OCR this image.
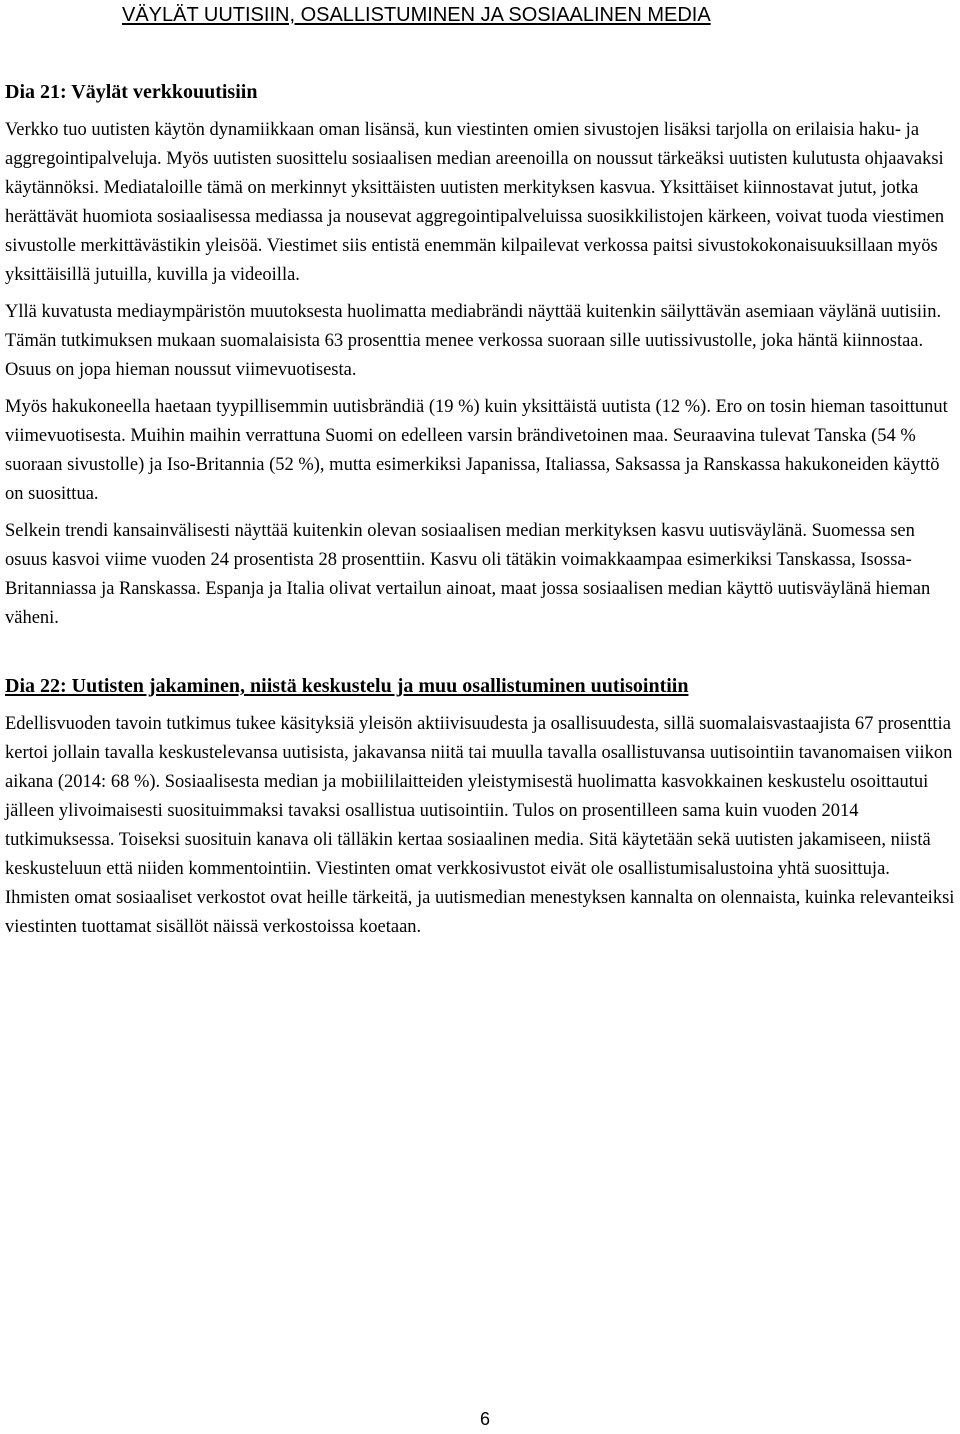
VÄYLÄT UUTISIIN, OSALLISTUMINEN JA SOSIAALINEN MEDIA
Dia 21: Väylät verkkouutisiin

Verkko tuo uutisten käytön dynamiikkaan oman lisänsä, kun viestinten omien sivustojen lisäksi tarjolla on erilaisia haku- ja aggregointipalveluja. Myös uutisten suosittelu sosiaalisen median areenoilla on noussut tärkeäksi uutisten kulutusta ohjaavaksi käytännöksi. Mediataloille tämä on merkinnyt yksittäisten uutisten merkityksen kasvua. Yksittäiset kiinnostavat jutut, jotka herättävät huomiota sosiaalisessa mediassa ja nousevat aggregointipalveluissa suosikkilistojen kärkeen, voivat tuoda viestimen sivustolle merkittävästikin yleisöä. Viestimet siis entistä enemmän kilpailevat verkossa paitsi sivustokokonaisuuksillaan myös yksittäisillä jutuilla, kuvilla ja videoilla.

Yllä kuvatusta mediaympäristön muutoksesta huolimatta mediabrändi näyttää kuitenkin säilyttävän asemiaan väylänä uutisiin. Tämän tutkimuksen mukaan suomalaisista 63 prosenttia menee verkossa suoraan sille uutissivustolle, joka häntä kiinnostaa. Osuus on jopa hieman noussut viimevuotisesta.

Myös hakukoneella haetaan tyypillisemmin uutisbrändiä (19 %) kuin yksittäistä uutista (12 %). Ero on tosin hieman tasoittunut viimevuotisesta. Muihin maihin verrattuna Suomi on edelleen varsin brändivetoinen maa. Seuraavina tulevat Tanska (54 % suoraan sivustolle) ja Iso-Britannia (52 %), mutta esimerkiksi Japanissa, Italiassa, Saksassa ja Ranskassa hakukoneiden käyttö on suosittua.

Selkein trendi kansainvälisesti näyttää kuitenkin olevan sosiaalisen median merkityksen kasvu uutisväylänä. Suomessa sen osuus kasvoi viime vuoden 24 prosentista 28 prosenttiin. Kasvu oli tätäkin voimakkaampaa esimerkiksi Tanskassa, Isossa-Britanniassa ja Ranskassa. Espanja ja Italia olivat vertailun ainoat, maat jossa sosiaalisen median käyttö uutisväylänä hieman väheni.

Dia 22: Uutisten jakaminen, niistä keskustelu ja muu osallistuminen uutisointiin

Edellisvuoden tavoin tutkimus tukee käsityksiä yleisön aktiivisuudesta ja osallisuudesta, sillä suomalaisvastaajista 67 prosenttia kertoi jollain tavalla keskustelevansa uutisista, jakavansa niitä tai muulla tavalla osallistuvansa uutisointiin tavanomaisen viikon aikana (2014: 68 %). Sosiaalisesta median ja mobiililaitteiden yleistymisestä huolimatta kasvokkainen keskustelu osoittautui jälleen ylivoimaisesti suosituimmaksi tavaksi osallistua uutisointiin. Tulos on prosentilleen sama kuin vuoden 2014 tutkimuksessa. Toiseksi suosituin kanava oli tälläkin kertaa sosiaalinen media. Sitä käytetään sekä uutisten jakamiseen, niistä keskusteluun että niiden kommentointiin. Viestinten omat verkkosivustot eivät ole osallistumisalustoina yhtä suosittuja. Ihmisten omat sosiaaliset verkostot ovat heille tärkeitä, ja uutismedian menestyksen kannalta on olennaista, kuinka relevanteiksi viestinten tuottamat sisällöt näissä verkostoissa koetaan.

6
